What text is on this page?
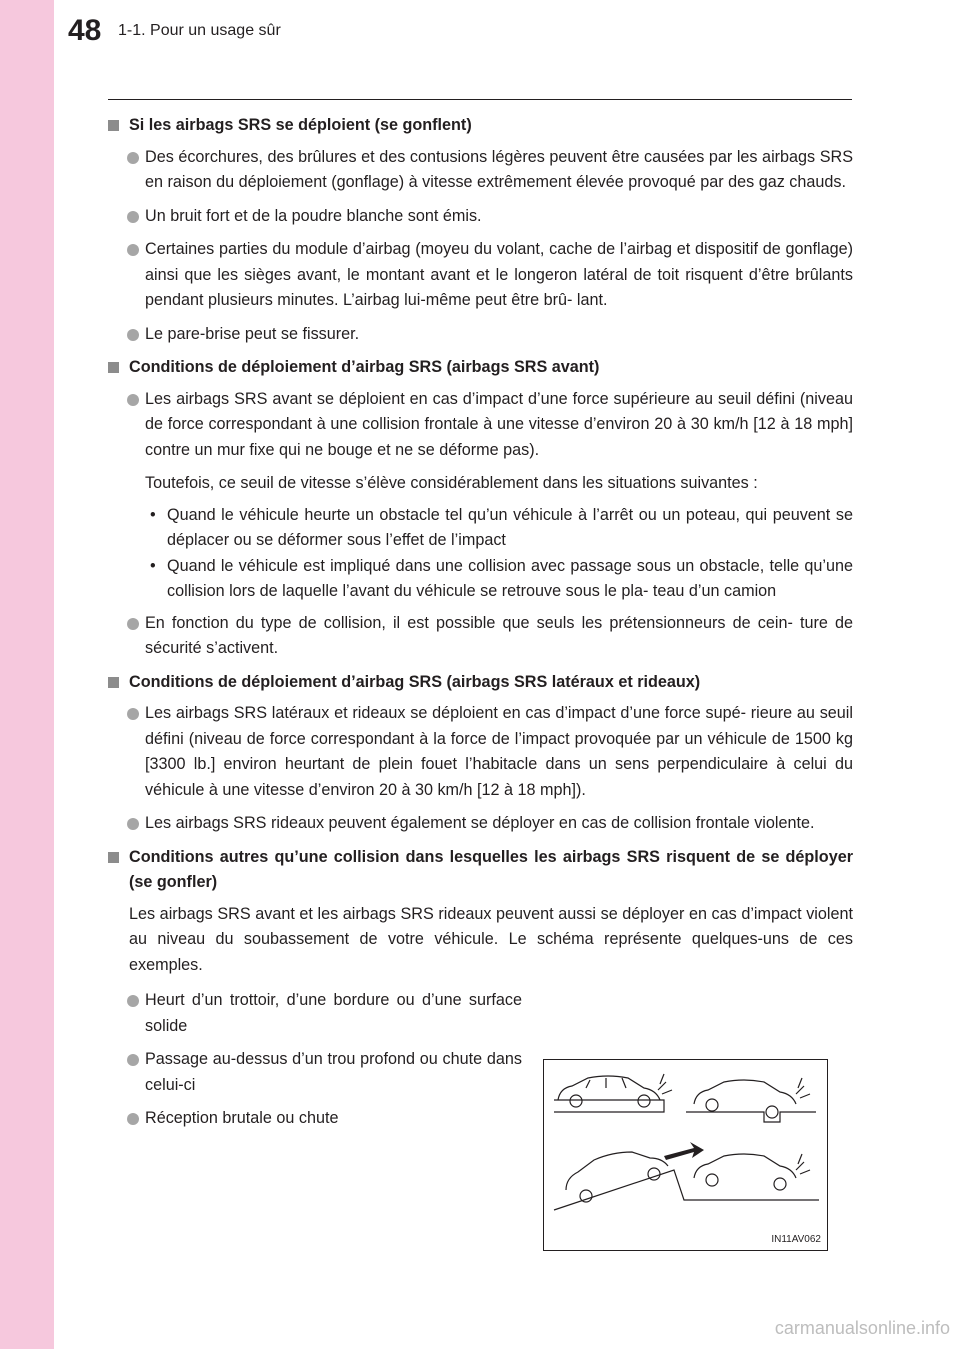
48 1-1. Pour un usage sûr
Si les airbags SRS se déploient (se gonflent)
Des écorchures, des brûlures et des contusions légères peuvent être causées par les airbags SRS en raison du déploiement (gonflage) à vitesse extrêmement élevée provoqué par des gaz chauds.
Un bruit fort et de la poudre blanche sont émis.
Certaines parties du module d’airbag (moyeu du volant, cache de l’airbag et dispositif de gonflage) ainsi que les sièges avant, le montant avant et le longeron latéral de toit risquent d’être brûlants pendant plusieurs minutes. L’airbag lui-même peut être brû- lant.
Le pare-brise peut se fissurer.
Conditions de déploiement d’airbag SRS (airbags SRS avant)
Les airbags SRS avant se déploient en cas d’impact d’une force supérieure au seuil défini (niveau de force correspondant à une collision frontale à une vitesse d’environ 20 à 30 km/h [12 à 18 mph] contre un mur fixe qui ne bouge et ne se déforme pas).
Toutefois, ce seuil de vitesse s’élève considérablement dans les situations suivantes :
• Quand le véhicule heurte un obstacle tel qu’un véhicule à l’arrêt ou un poteau, qui peuvent se déplacer ou se déformer sous l’effet de l’impact
• Quand le véhicule est impliqué dans une collision avec passage sous un obstacle, telle qu’une collision lors de laquelle l’avant du véhicule se retrouve sous le pla- teau d’un camion
En fonction du type de collision, il est possible que seuls les prétensionneurs de cein- ture de sécurité s’activent.
Conditions de déploiement d’airbag SRS (airbags SRS latéraux et rideaux)
Les airbags SRS latéraux et rideaux se déploient en cas d’impact d’une force supé- rieure au seuil défini (niveau de force correspondant à la force de l’impact provoquée par un véhicule de 1500 kg [3300 lb.] environ heurtant de plein fouet l’habitacle dans un sens perpendiculaire à celui du véhicule à une vitesse d’environ 20 à 30 km/h [12 à 18 mph]).
Les airbags SRS rideaux peuvent également se déployer en cas de collision frontale violente.
Conditions autres qu’une collision dans lesquelles les airbags SRS risquent de se déployer (se gonfler)
Les airbags SRS avant et les airbags SRS rideaux peuvent aussi se déployer en cas d’impact violent au niveau du soubassement de votre véhicule. Le schéma représente quelques-uns de ces exemples.
Heurt d’un trottoir, d’une bordure ou d’une surface solide
Passage au-dessus d’un trou profond ou chute dans celui-ci
Réception brutale ou chute
IN11AV062
carmanualsonline.info
